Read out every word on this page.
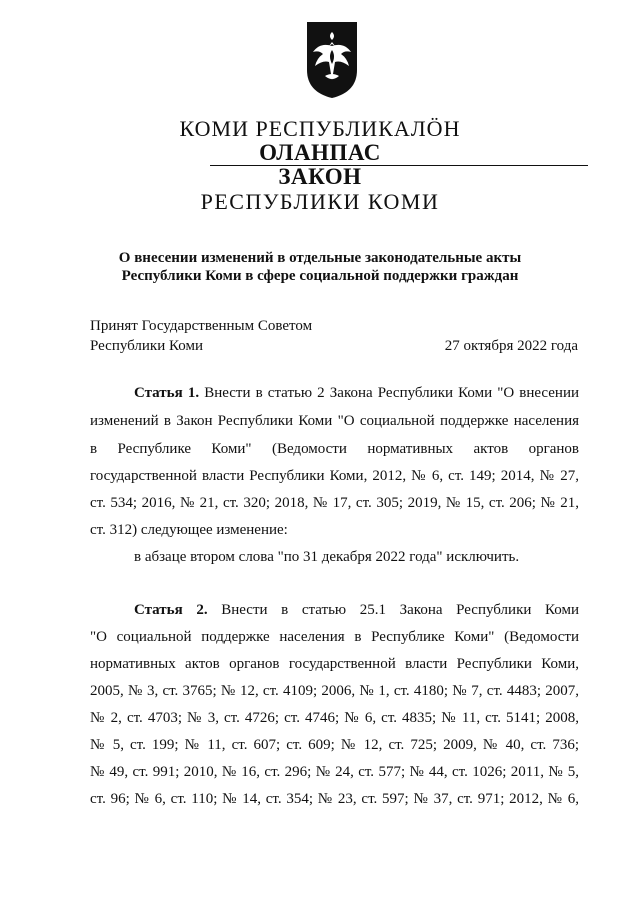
КОМИ РЕСПУБЛИКАЛӦН
ОЛАНПАС
ЗАКОН
РЕСПУБЛИКИ КОМИ
О внесении изменений в отдельные законодательные акты
Республики Коми в сфере социальной поддержки граждан
Принят Государственным Советом
Республики Коми	27 октября 2022 года
Статья 1. Внести в статью 2 Закона Республики Коми "О внесении
изменений в Закон Республики Коми "О социальной поддержке населения
в Республике Коми" (Ведомости нормативных актов органов
государственной власти Республики Коми, 2012, № 6, ст. 149; 2014, № 27,
ст. 534; 2016, № 21, ст. 320; 2018, № 17, ст. 305; 2019, № 15, ст. 206; № 21,
ст. 312) следующее изменение:
в абзаце втором слова "по 31 декабря 2022 года" исключить.
Статья 2. Внести в статью 25.1 Закона Республики Коми
"О социальной поддержке населения в Республике Коми" (Ведомости
нормативных актов органов государственной власти Республики Коми,
2005, № 3, ст. 3765; № 12, ст. 4109; 2006, № 1, ст. 4180; № 7, ст. 4483; 2007,
№ 2, ст. 4703; № 3, ст. 4726; ст. 4746; № 6, ст. 4835; № 11, ст. 5141; 2008,
№ 5, ст. 199; № 11, ст. 607; ст. 609; № 12, ст. 725; 2009, № 40, ст. 736;
№ 49, ст. 991; 2010, № 16, ст. 296; № 24, ст. 577; № 44, ст. 1026; 2011, № 5,
ст. 96; № 6, ст. 110; № 14, ст. 354; № 23, ст. 597; № 37, ст. 971; 2012, № 6,
